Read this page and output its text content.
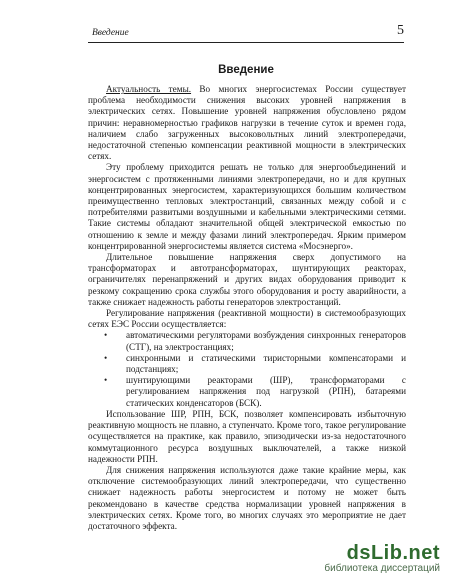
Введение	5
Введение

Актуальность темы. Во многих энергосистемах России существует проблема необходимости снижения высоких уровней напряжения в электрических сетях. Повышение уровней напряжения обусловлено рядом причин: неравномерностью графиков нагрузки в течение суток и времен года, наличием слабо загруженных высоковольтных линий электропередачи, недостаточной степенью компенсации реактивной мощности в электрических сетях.

Эту проблему приходится решать не только для энергообъединений и энергосистем с протяженными линиями электропередачи, но и для крупных концентрированных энергосистем, характеризующихся большим количеством преимущественно тепловых электростанций, связанных между собой и с потребителями развитыми воздушными и кабельными электрическими сетями. Такие системы обладают значительной общей электрической емкостью по отношению к земле и между фазами линий электропередач. Ярким примером концентрированной энергосистемы является система «Мосэнерго».

Длительное повышение напряжения сверх допустимого на трансформаторах и автотрансформаторах, шунтирующих реакторах, ограничителях перенапряжений и других видах оборудования приводит к резкому сокращению срока службы этого оборудования и росту аварийности, а также снижает надежность работы генераторов электростанций.

Регулирование напряжения (реактивной мощности) в системообразующих сетях ЕЭС России осуществляется:

• автоматическими регуляторами возбуждения синхронных генераторов (СТГ), на электростанциях;
• синхронными и статическими тиристорными компенсаторами и подстанциях;
• шунтирующими реакторами (ШР), трансформаторами с регулированием напряжения под нагрузкой (РПН), батареями статических конденсаторов (БСК).

Использование ШР, РПН, БСК, позволяет компенсировать избыточную реактивную мощность не плавно, а ступенчато. Кроме того, такое регулирование осуществляется на практике, как правило, эпизодически из-за недостаточного коммутационного ресурса воздушных выключателей, а также низкой надежности РПН.

Для снижения напряжения используются даже такие крайние меры, как отключение системообразующих линий электропередачи, что существенно снижает надежность работы энергосистем и потому не может быть рекомендовано в качестве средства нормализации уровней напряжения в электрических сетях. Кроме того, во многих случаях это мероприятие не дает достаточного эффекта.

dsLib.net
библиотека диссертаций
